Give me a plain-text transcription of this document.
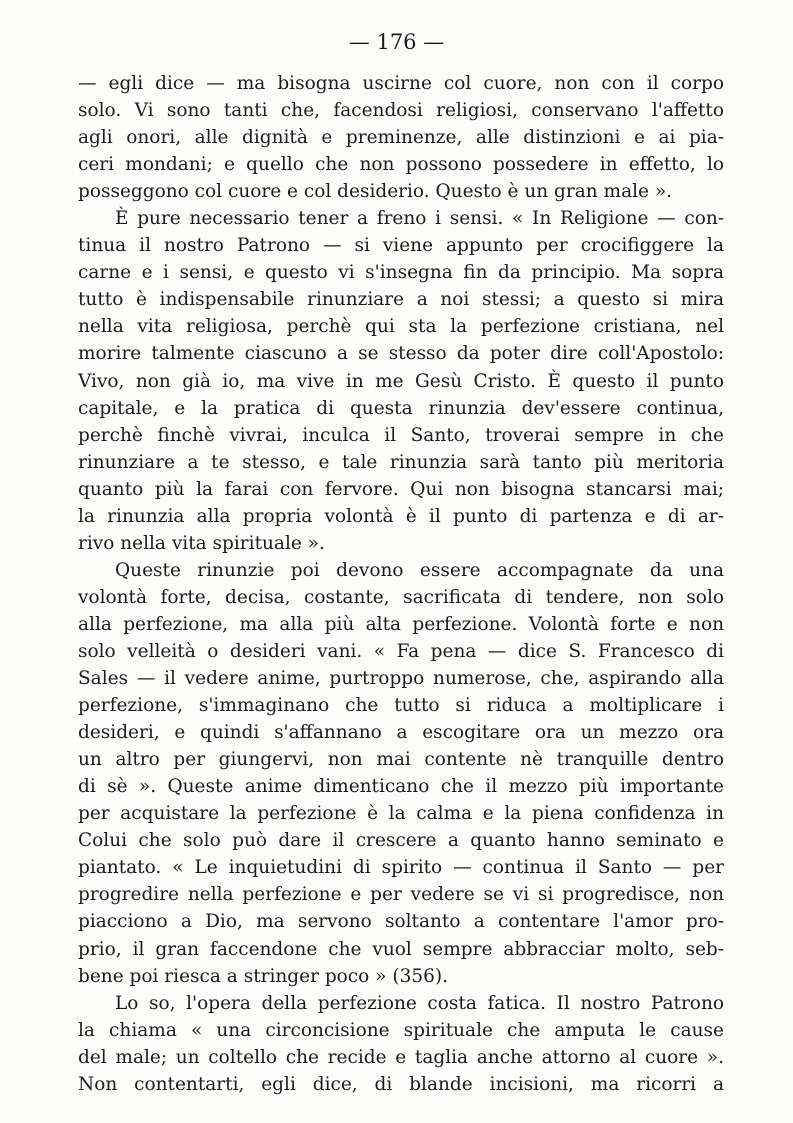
— 176 —
— egli dice — ma bisogna uscirne col cuore, non con il corpo
solo. Vi sono tanti che, facendosi religiosi, conservano l'affetto
agli onori, alle dignità e preminenze, alle distinzioni e ai pia-
ceri mondani; e quello che non possono possedere in effetto, lo
posseggono col cuore e col desiderio. Questo è un gran male ».
È pure necessario tener a freno i sensi. « In Religione — con-
tinua il nostro Patrono — si viene appunto per crocifiggere la
carne e i sensi, e questo vi s'insegna fin da principio. Ma sopra
tutto è indispensabile rinunziare a noi stessi; a questo si mira
nella vita religiosa, perchè qui sta la perfezione cristiana, nel
morire talmente ciascuno a se stesso da poter dire coll'Apostolo:
Vivo, non già io, ma vive in me Gesù Cristo. È questo il punto
capitale, e la pratica di questa rinunzia dev'essere continua,
perchè finchè vivrai, inculca il Santo, troverai sempre in che
rinunziare a te stesso, e tale rinunzia sarà tanto più meritoria
quanto più la farai con fervore. Qui non bisogna stancarsi mai;
la rinunzia alla propria volontà è il punto di partenza e di ar-
rivo nella vita spirituale ».
Queste rinunzie poi devono essere accompagnate da una
volontà forte, decisa, costante, sacrificata di tendere, non solo
alla perfezione, ma alla più alta perfezione. Volontà forte e non
solo velleità o desideri vani. « Fa pena — dice S. Francesco di
Sales — il vedere anime, purtroppo numerose, che, aspirando alla
perfezione, s'immaginano che tutto si riduca a moltiplicare i
desideri, e quindi s'affannano a escogitare ora un mezzo ora
un altro per giungervi, non mai contente nè tranquille dentro
di sè ». Queste anime dimenticano che il mezzo più importante
per acquistare la perfezione è la calma e la piena confidenza in
Colui che solo può dare il crescere a quanto hanno seminato e
piantato. « Le inquietudini di spirito — continua il Santo — per
progredire nella perfezione e per vedere se vi si progredisce, non
piacciono a Dio, ma servono soltanto a contentare l'amor pro-
prio, il gran faccendone che vuol sempre abbracciar molto, seb-
bene poi riesca a stringer poco » (356).
Lo so, l'opera della perfezione costa fatica. Il nostro Patrono
la chiama « una circoncisione spirituale che amputa le cause
del male; un coltello che recide e taglia anche attorno al cuore ».
Non contentarti, egli dice, di blande incisioni, ma ricorri a
